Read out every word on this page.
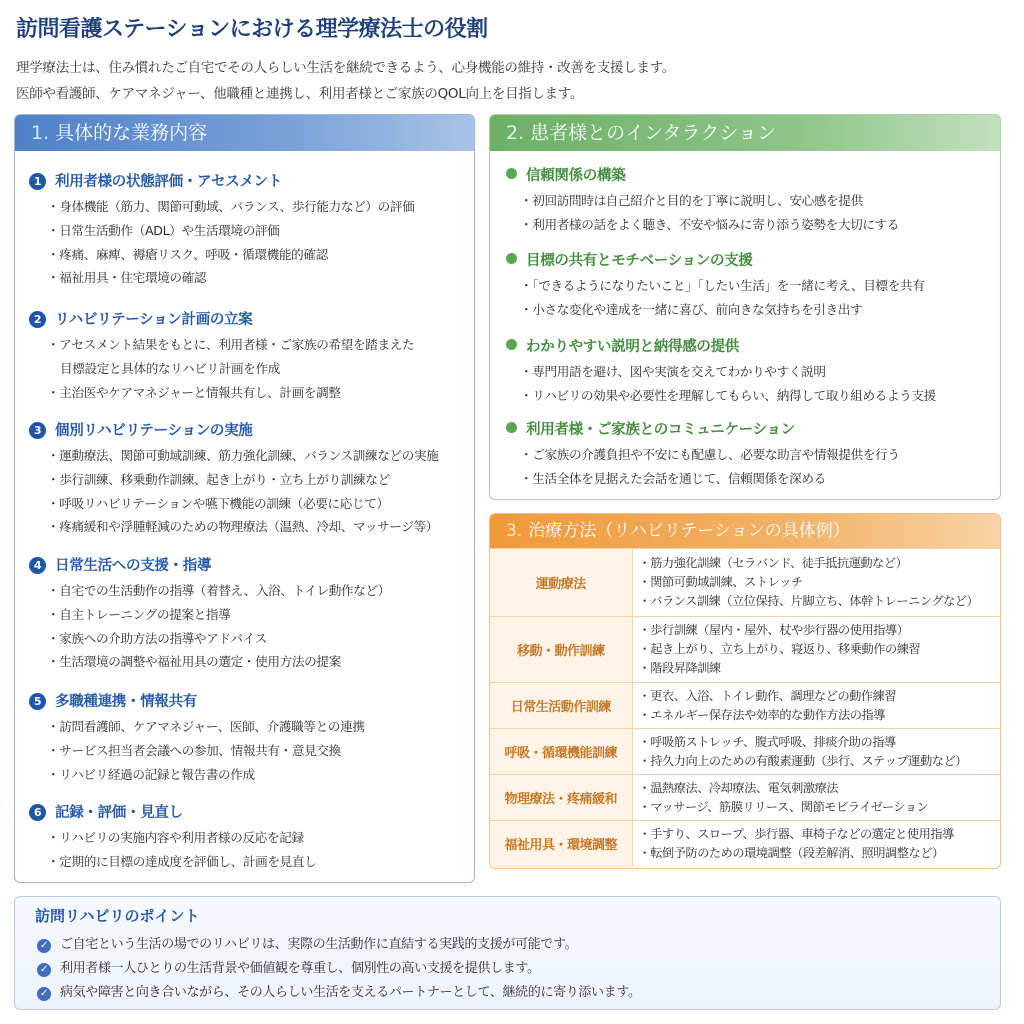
訪問看護ステーションにおける理学療法士の役割
理学療法士は、住み慣れたご自宅でその人らしい生活を継続できるよう、心身機能の維持・改善を支援します。
医師や看護師、ケアマネジャー、他職種と連携し、利用者様とご家族のQOL向上を目指します。
1. 具体的な業務内容
1 利用者様の状態評価・アセスメント
・ 身体機能（筋力、関節可動域、バランス、歩行能力など）の評価
・ 日常生活動作（ADL）や生活環境の評価
・ 疼痛、麻痺、褥瘡リスク、呼吸・循環機能的確認
・ 福祉用具・住宅環境の確認
2 リハビリテーション計画の立案
・ アセスメント結果をもとに、利用者様・ご家族の希望を踏まえた
目標設定と具体的なリハビリ計画を作成
・ 主治医やケアマネジャーと情報共有し、計画を調整
3 個別リハビリテーションの実施
・ 運動療法、関節可動域訓練、筋力強化訓練、バランス訓練などの実施
・ 歩行訓練、移乗動作訓練、起き上がり・立ち上がり訓練など
・ 呼吸リハビリテーションや嚥下機能の訓練（必要に応じて）
・ 疼痛緩和や浮腫軽減のための物理療法（温熱、冷却、マッサージ等）
4 日常生活への支援・指導
・ 自宅での生活動作の指導（着替え、入浴、トイレ動作など）
・ 自主トレーニングの提案と指導
・ 家族への介助方法の指導やアドバイス
・ 生活環境の調整や福祉用具の選定・使用方法の提案
5 多職種連携・情報共有
・ 訪問看護師、ケアマネジャー、医師、介護職等との連携
・ サービス担当者会議への参加、情報共有・意見交換
・ リハビリ経過の記録と報告書の作成
6 記録・評価・見直し
・ リハビリの実施内容や利用者様の反応を記録
・ 定期的に目標の達成度を評価し、計画を見直し
2. 患者様とのインタラクション
信頼関係の構築
・ 初回訪問時は自己紹介と目的を丁寧に説明し、安心感を提供
・ 利用者様の話をよく聴き、不安や悩みに寄り添う姿勢を大切にする
目標の共有とモチベーションの支援
・ 「できるようになりたいこと」「したい生活」を一緒に考え、目標を共有
・ 小さな変化や達成を一緒に喜び、前向きな気持ちを引き出す
わかりやすい説明と納得感の提供
・ 専門用語を避け、図や実演を交えてわかりやすく説明
・ リハビリの効果や必要性を理解してもらい、納得して取り組めるよう支援
利用者様・ご家族とのコミュニケーション
・ ご家族の介護負担や不安にも配慮し、必要な助言や情報提供を行う
・ 生活全体を見据えた会話を通じて、信頼関係を深める
3. 治療方法（リハビリテーションの具体例）
運動療法	・ 筋力強化訓練（セラバンド、徒手抵抗運動など）
・ 関節可動域訓練、ストレッチ
・ バランス訓練（立位保持、片脚立ち、体幹トレーニングなど）

移動・動作訓練	・ 歩行訓練（屋内・屋外、杖や歩行器の使用指導）
・ 起き上がり、立ち上がり、寝返り、移乗動作の練習
・ 階段昇降訓練

日常生活動作訓練	・ 更衣、入浴、トイレ動作、調理などの動作練習
・ エネルギー保存法や効率的な動作方法の指導

呼吸・循環機能訓練	・ 呼吸筋ストレッチ、腹式呼吸、排痰介助の指導
・ 持久力向上のための有酸素運動（歩行、ステップ運動など）

物理療法・疼痛緩和	・ 温熱療法、冷却療法、電気刺激療法
・ マッサージ、筋膜リリース、関節モビライゼーション

福祉用具・環境調整	・ 手すり、スロープ、歩行器、車椅子などの選定と使用指導
・ 転倒予防のための環境調整（段差解消、照明調整など）
訪問リハビリのポイント
✓ ご自宅という生活の場でのリハビリは、実際の生活動作に直結する実践的支援が可能です。
✓ 利用者様一人ひとりの生活背景や価値観を尊重し、個別性の高い支援を提供します。
✓ 病気や障害と向き合いながら、その人らしい生活を支えるパートナーとして、継続的に寄り添います。
